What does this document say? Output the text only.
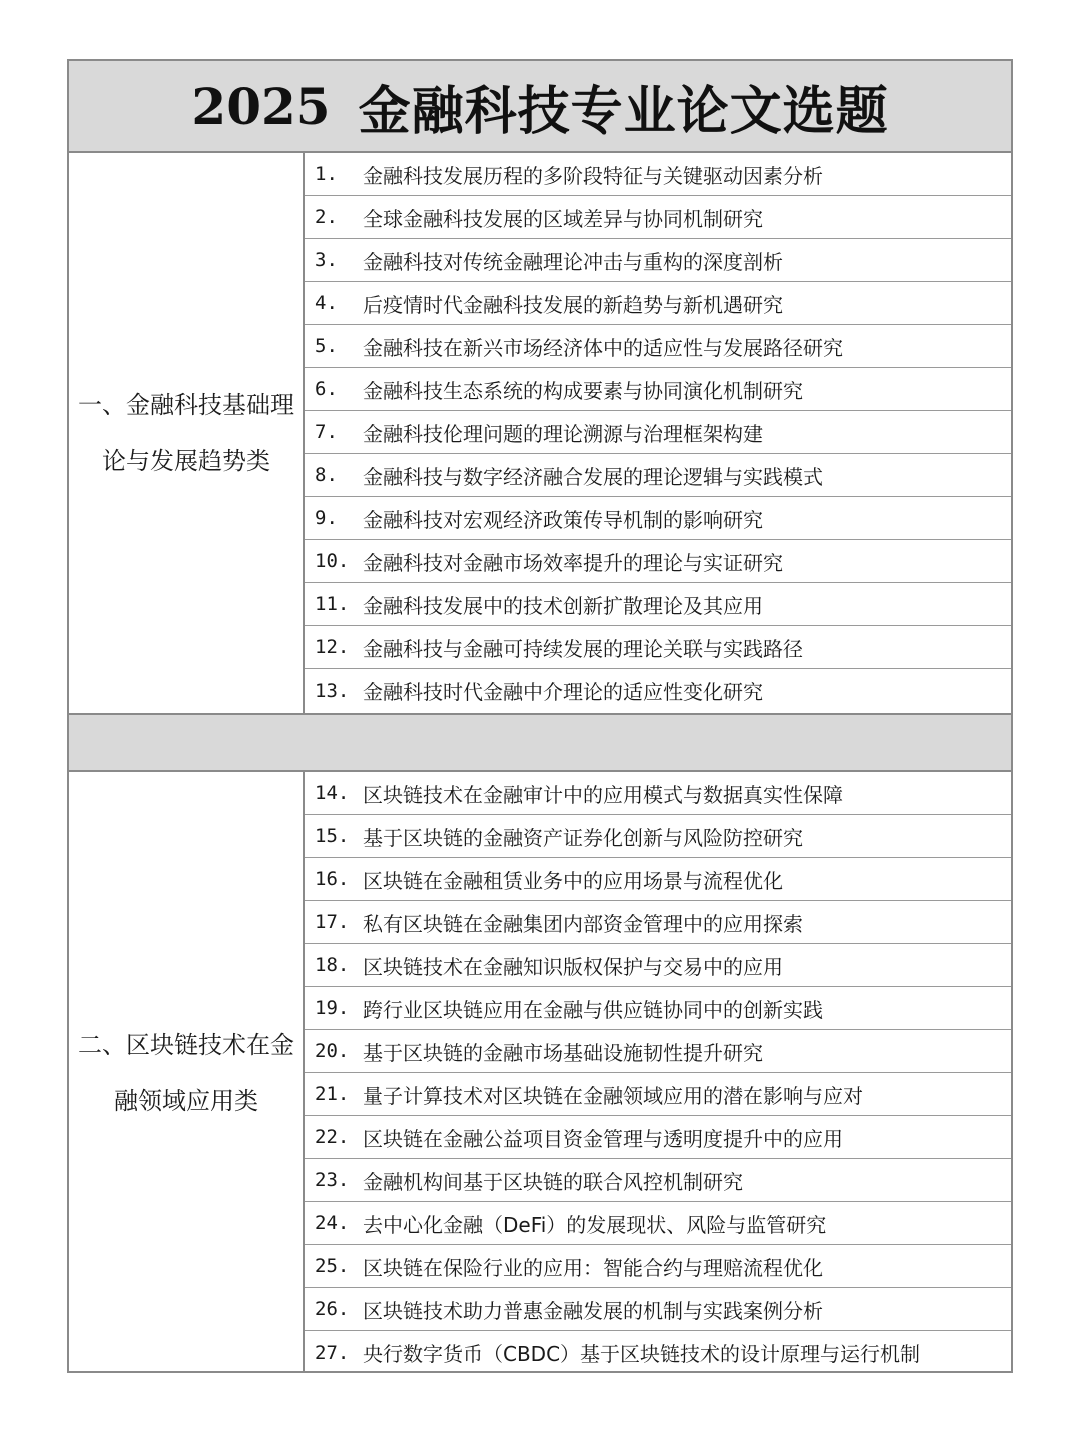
2025 金融科技专业论文选题
一、金融科技基础理
论与发展趋势类
1.	金融科技发展历程的多阶段特征与关键驱动因素分析
2.	全球金融科技发展的区域差异与协同机制研究
3.	金融科技对传统金融理论冲击与重构的深度剖析
4.	后疫情时代金融科技发展的新趋势与新机遇研究
5.	金融科技在新兴市场经济体中的适应性与发展路径研究
6.	金融科技生态系统的构成要素与协同演化机制研究
7.	金融科技伦理问题的理论溯源与治理框架构建
8.	金融科技与数字经济融合发展的理论逻辑与实践模式
9.	金融科技对宏观经济政策传导机制的影响研究
10. 金融科技对金融市场效率提升的理论与实证研究
11. 金融科技发展中的技术创新扩散理论及其应用
12. 金融科技与金融可持续发展的理论关联与实践路径
13. 金融科技时代金融中介理论的适应性变化研究
二、区块链技术在金
融领域应用类
14. 区块链技术在金融审计中的应用模式与数据真实性保障
15. 基于区块链的金融资产证券化创新与风险防控研究
16. 区块链在金融租赁业务中的应用场景与流程优化
17. 私有区块链在金融集团内部资金管理中的应用探索
18. 区块链技术在金融知识版权保护与交易中的应用
19. 跨行业区块链应用在金融与供应链协同中的创新实践
20. 基于区块链的金融市场基础设施韧性提升研究
21. 量子计算技术对区块链在金融领域应用的潜在影响与应对
22. 区块链在金融公益项目资金管理与透明度提升中的应用
23. 金融机构间基于区块链的联合风控机制研究
24. 去中心化金融（DeFi）的发展现状、风险与监管研究
25. 区块链在保险行业的应用：智能合约与理赔流程优化
26. 区块链技术助力普惠金融发展的机制与实践案例分析
27. 央行数字货币（CBDC）基于区块链技术的设计原理与运行机制
